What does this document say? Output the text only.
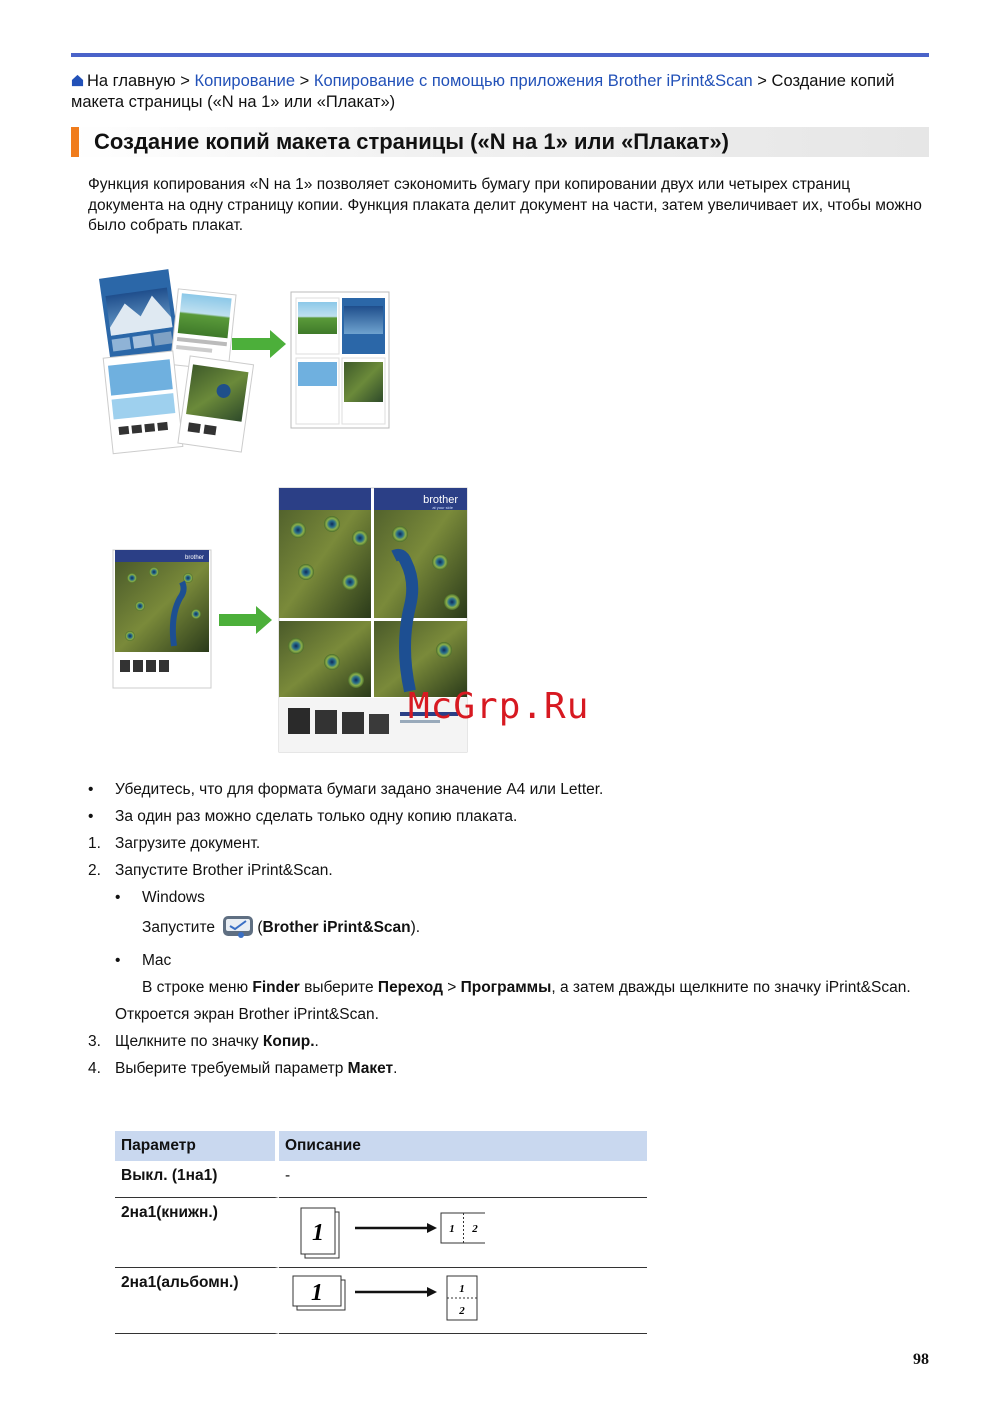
На главную > Копирование > Копирование с помощью приложения Brother iPrint&Scan > Создание копий макета страницы («N на 1» или «Плакат»)
Создание копий макета страницы («N на 1» или «Плакат»)
Функция копирования «N на 1» позволяет сэкономить бумагу при копировании двух или четырех страниц документа на одну страницу копии. Функция плаката делит документ на части, затем увеличивает их, чтобы можно было собрать плакат.
brother
brother
at your side
McGrp.Ru
• Убедитесь, что для формата бумаги задано значение A4 или Letter.
• За один раз можно сделать только одну копию плаката.
1. Загрузите документ.
2. Запустите Brother iPrint&Scan.
• Windows
Запустите	(Brother iPrint&Scan).
• Mac
В строке меню Finder выберите Переход > Программы, а затем дважды щелкните по значку iPrint&Scan.
Откроется экран Brother iPrint&Scan.
3. Щелкните по значку Копир..
4. Выберите требуемый параметр Макет.
Параметр	Описание
Выкл. (1на1)	-
2на1(книжн.)	1 1 2

2на1(альбомн.)	1 1
2
98
